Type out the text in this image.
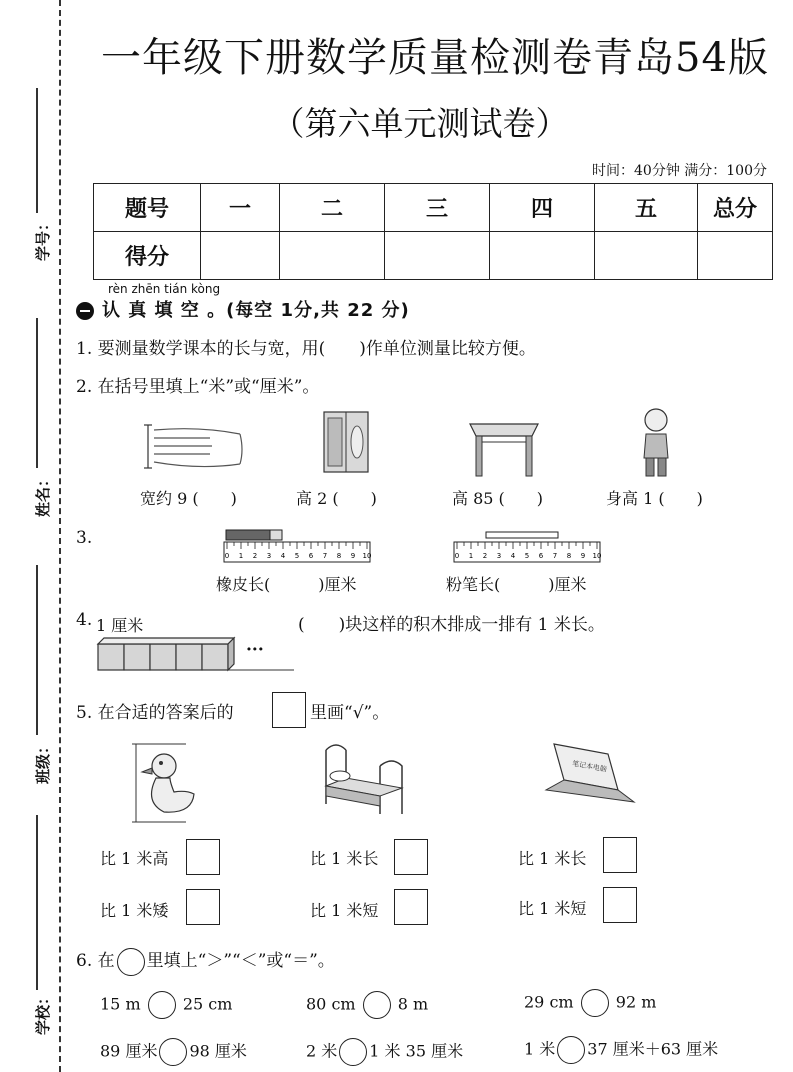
学号：
姓名：
班级：
学校：
一年级下册数学质量检测卷青岛54版
（第六单元测试卷）
时间：40分钟 满分：100分
题号	一	二	三	四	五	总分
得分						
rèn zhēn tián kòng
认 真 填 空 。(每空 1分,共 22 分)
1. 要测量数学课本的长与宽，用(　　)作单位测量比较方便。
2. 在括号里填上“米”或“厘米”。
宽约 9 (　　)	高 2 (　　)	高 85 (　　)	身高 1 (　　)
3.
0 1 2 3 4 5 6 7 8 9 10	0 1 2 3 4 5 6 7 8 9 10
橡皮长(　　　)厘米	粉笔长(　　　)厘米
4. 1 厘米	(　　)块这样的积木排成一排有 1 米长。
···
5. 在合适的答案后的	里画“√”。
笔记本电脑
比 1 米高
比 1 米矮
比 1 米长
比 1 米短
比 1 米长
比 1 米短
6. 在 里填上“＞”“＜”或“＝”。
15 m	25 cm	80 cm	8 m	29 cm	92 m
89 厘米 98 厘米	2 米 1 米 35 厘米	1 米 37 厘米＋63 厘米
